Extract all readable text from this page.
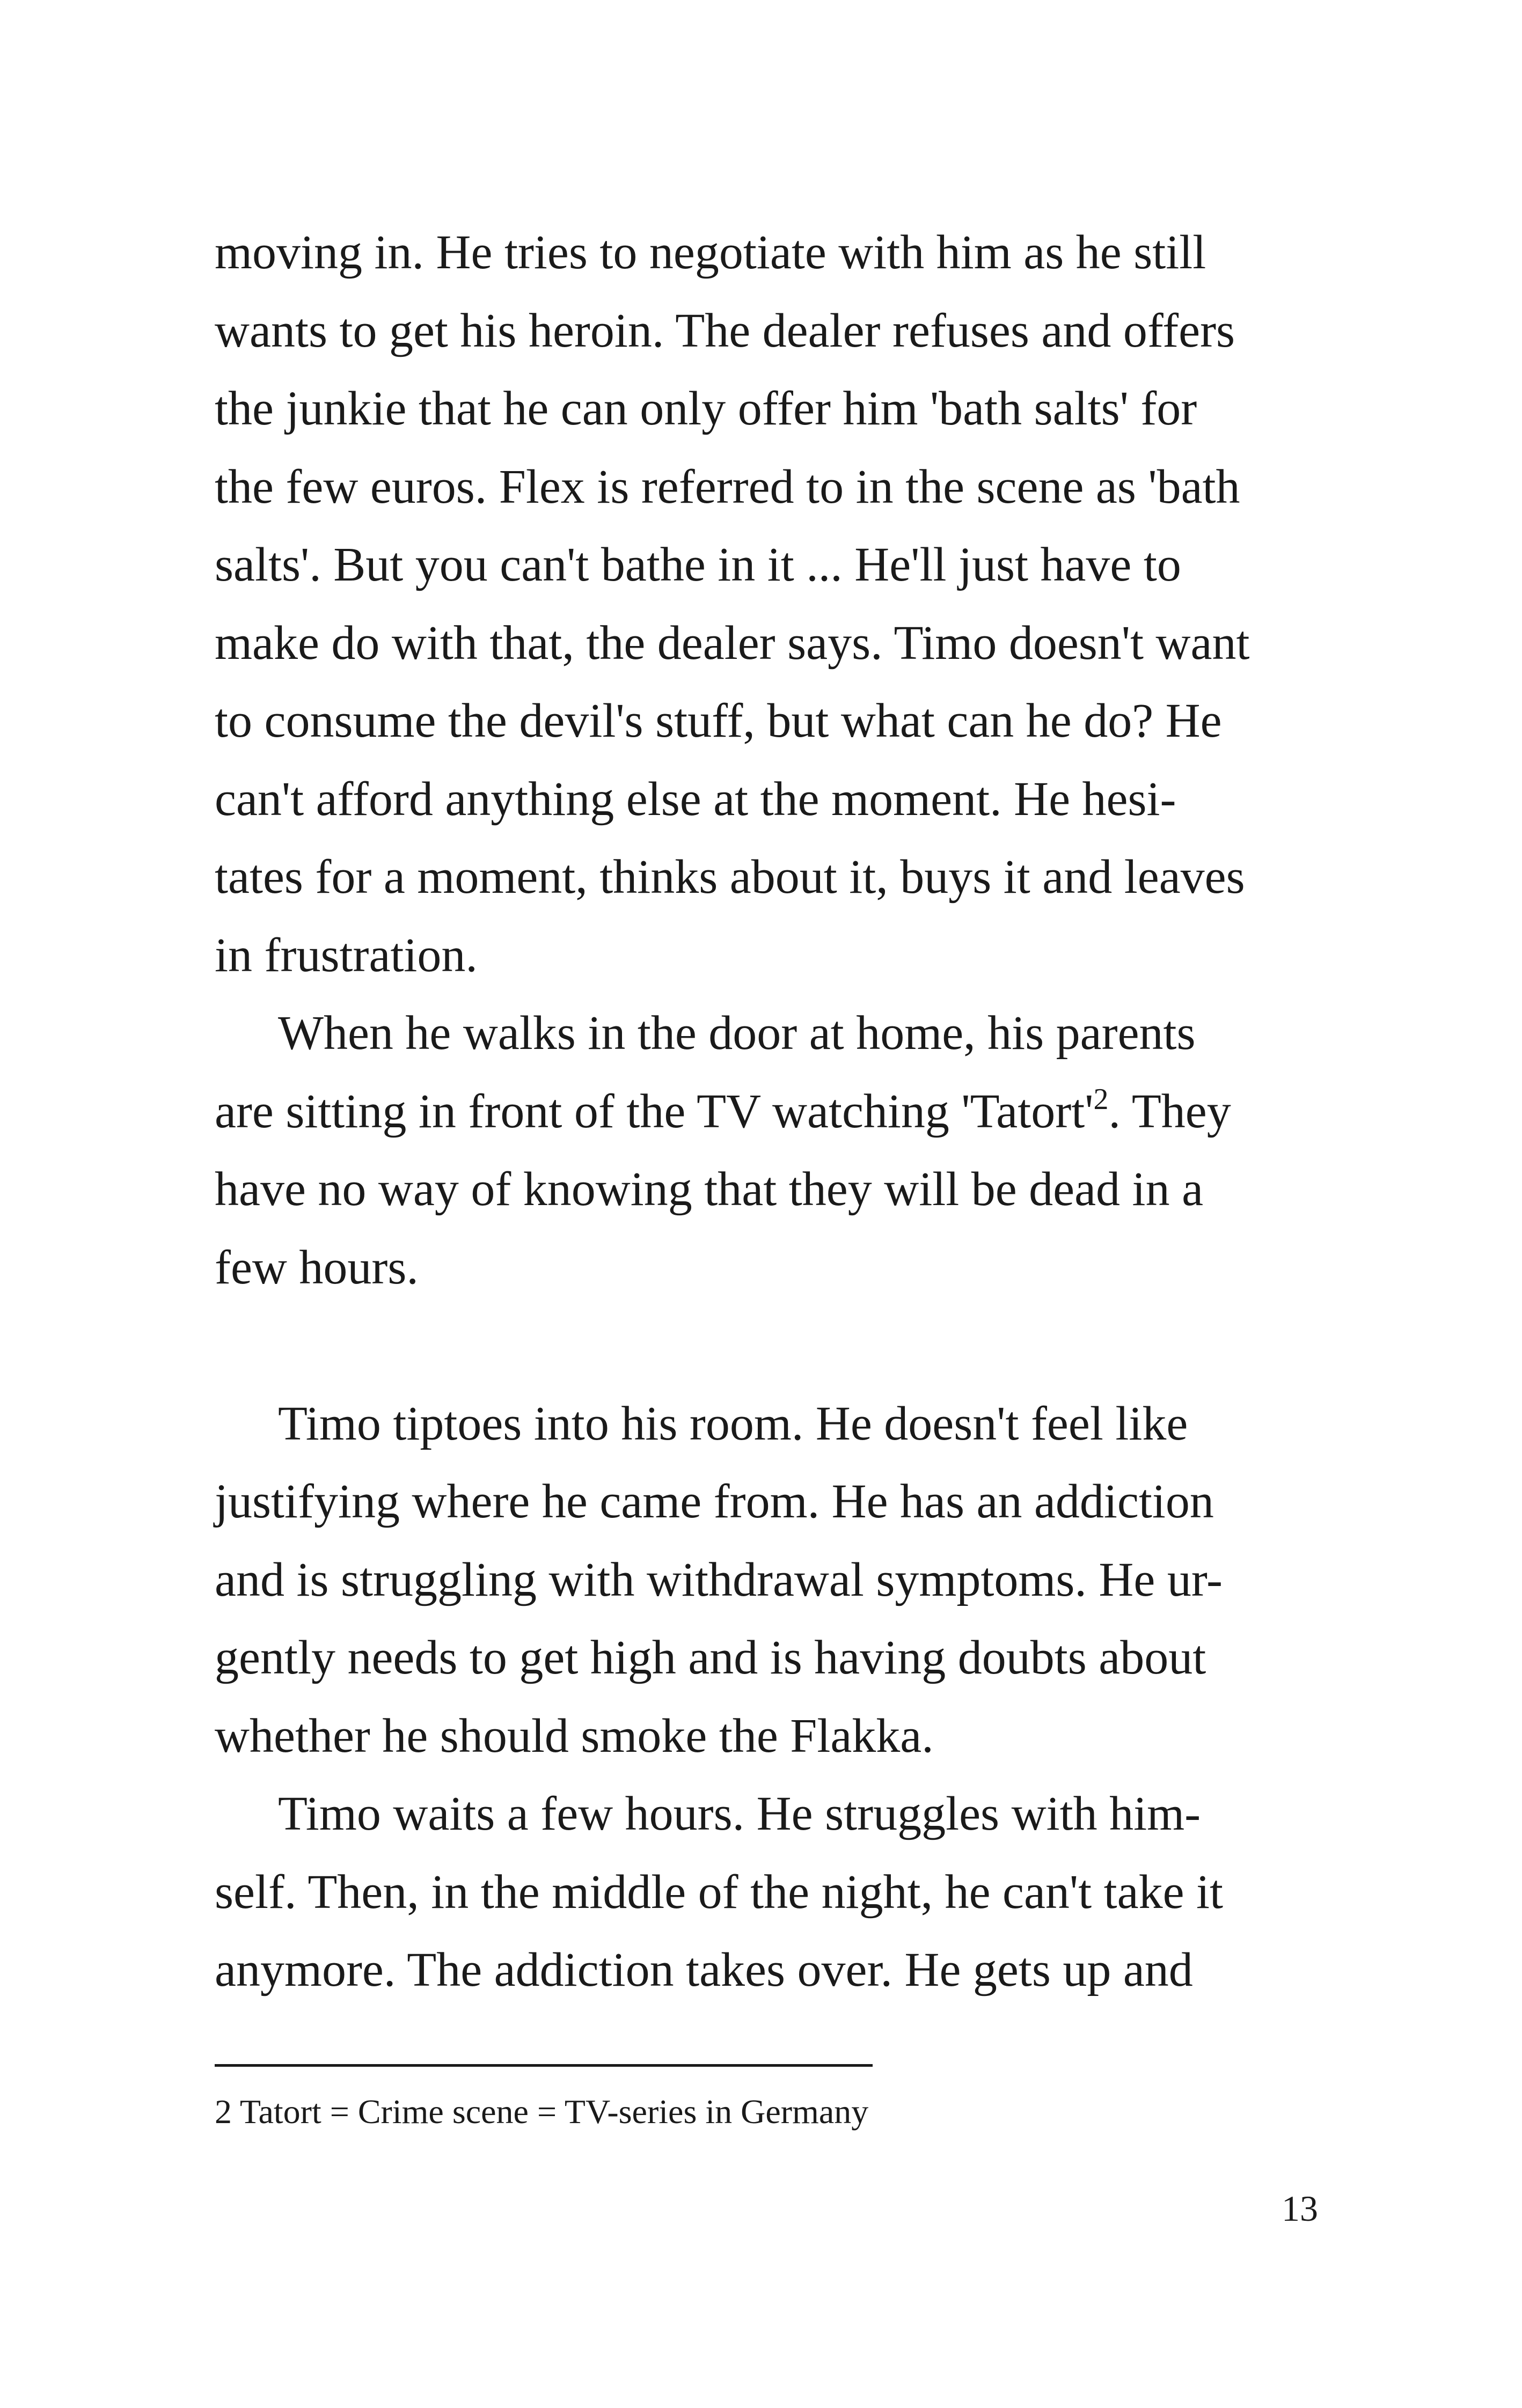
moving in. He tries to negotiate with him as he still
wants to get his heroin. The dealer refuses and offers
the junkie that he can only offer him 'bath salts' for
the few euros. Flex is referred to in the scene as 'bath
salts'. But you can't bathe in it ... He'll just have to
make do with that, the dealer says. Timo doesn't want
to consume the devil's stuff, but what can he do? He
can't afford anything else at the moment. He hesi-
tates for a moment, thinks about it, buys it and leaves
in frustration.
When he walks in the door at home, his parents
are sitting in front of the TV watching 'Tatort'$^2$. They
have no way of knowing that they will be dead in a
few hours.
Timo tiptoes into his room. He doesn't feel like
justifying where he came from. He has an addiction
and is struggling with withdrawal symptoms. He ur-
gently needs to get high and is having doubts about
whether he should smoke the Flakka.
Timo waits a few hours. He struggles with him-
self. Then, in the middle of the night, he can't take it
anymore. The addiction takes over. He gets up and
2 Tatort = Crime scene = TV-series in Germany
13
